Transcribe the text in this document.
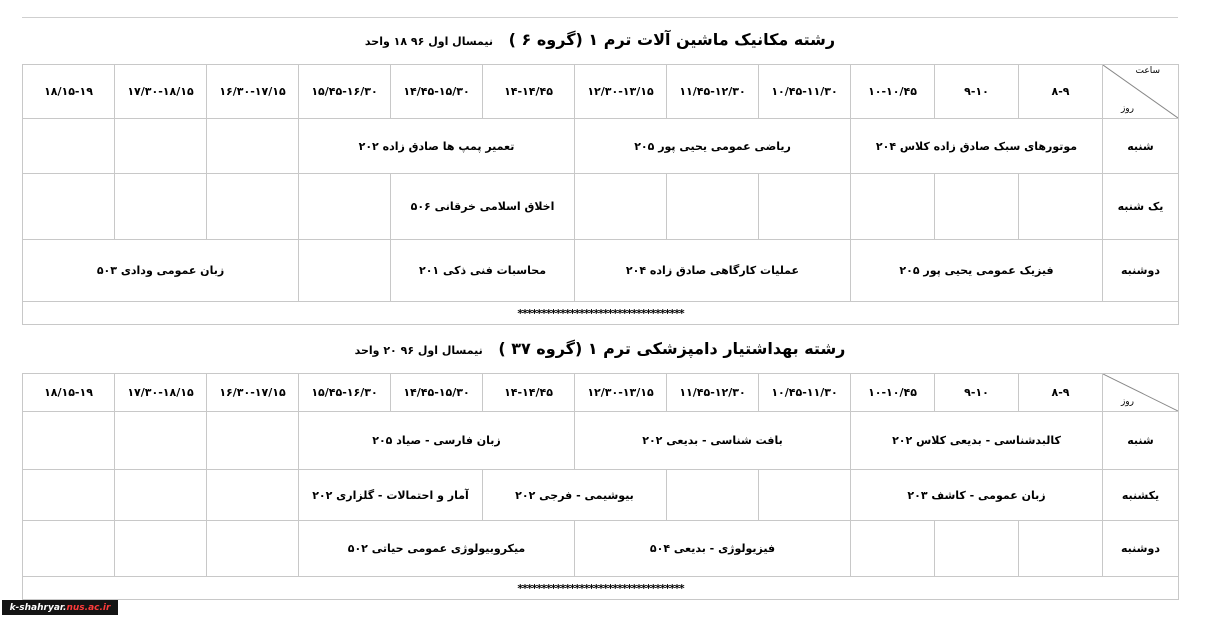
رشته مکانیک ماشین آلات ترم ۱ (گروه ۶ ) نیمسال اول ۹۶ ۱۸ واحد
ساعت
روز	۸-۹	۹-۱۰	۱۰-۱۰/۴۵	۱۰/۴۵-۱۱/۳۰	۱۱/۴۵-۱۲/۳۰	۱۲/۳۰-۱۳/۱۵	۱۴-۱۴/۴۵	۱۴/۴۵-۱۵/۳۰	۱۵/۴۵-۱۶/۳۰	۱۶/۳۰-۱۷/۱۵	۱۷/۳۰-۱۸/۱۵	۱۸/۱۵-۱۹
شنبه	موتورهای سبک صادق زاده کلاس ۲۰۴			ریاضی عمومی یحیی پور ۲۰۵			تعمیر پمپ ها صادق زاده ۲۰۲					
یک شنبه							اخلاق اسلامی خرقانی ۵۰۶					
دوشنبه	فیزیک عمومی یحیی پور ۲۰۵			عملیات کارگاهی صادق زاده ۲۰۴			محاسبات فنی ذکی ۲۰۱			زبان عمومی ودادی ۵۰۳		
***********************************												
رشته بهداشتیار دامپزشکی ترم ۱ (گروه ۳۷ ) نیمسال اول ۹۶ ۲۰ واحد
روز	۸-۹	۹-۱۰	۱۰-۱۰/۴۵	۱۰/۴۵-۱۱/۳۰	۱۱/۴۵-۱۲/۳۰	۱۲/۳۰-۱۳/۱۵	۱۴-۱۴/۴۵	۱۴/۴۵-۱۵/۳۰	۱۵/۴۵-۱۶/۳۰	۱۶/۳۰-۱۷/۱۵	۱۷/۳۰-۱۸/۱۵	۱۸/۱۵-۱۹
شنبه	کالبدشناسی - بدیعی کلاس ۲۰۲			بافت شناسی - بدیعی ۲۰۲			زبان فارسی - صیاد ۲۰۵					
یکشنبه	زبان عمومی - کاشف ۲۰۳					بیوشیمی - فرجی ۲۰۲		آمار و احتمالات - گلزاری ۲۰۲				
دوشنبه				فیزیولوژی - بدیعی ۵۰۴			میکروبیولوژی عمومی حیاتی ۵۰۲					
***********************************												
k-shahryar. nus.ac.ir
